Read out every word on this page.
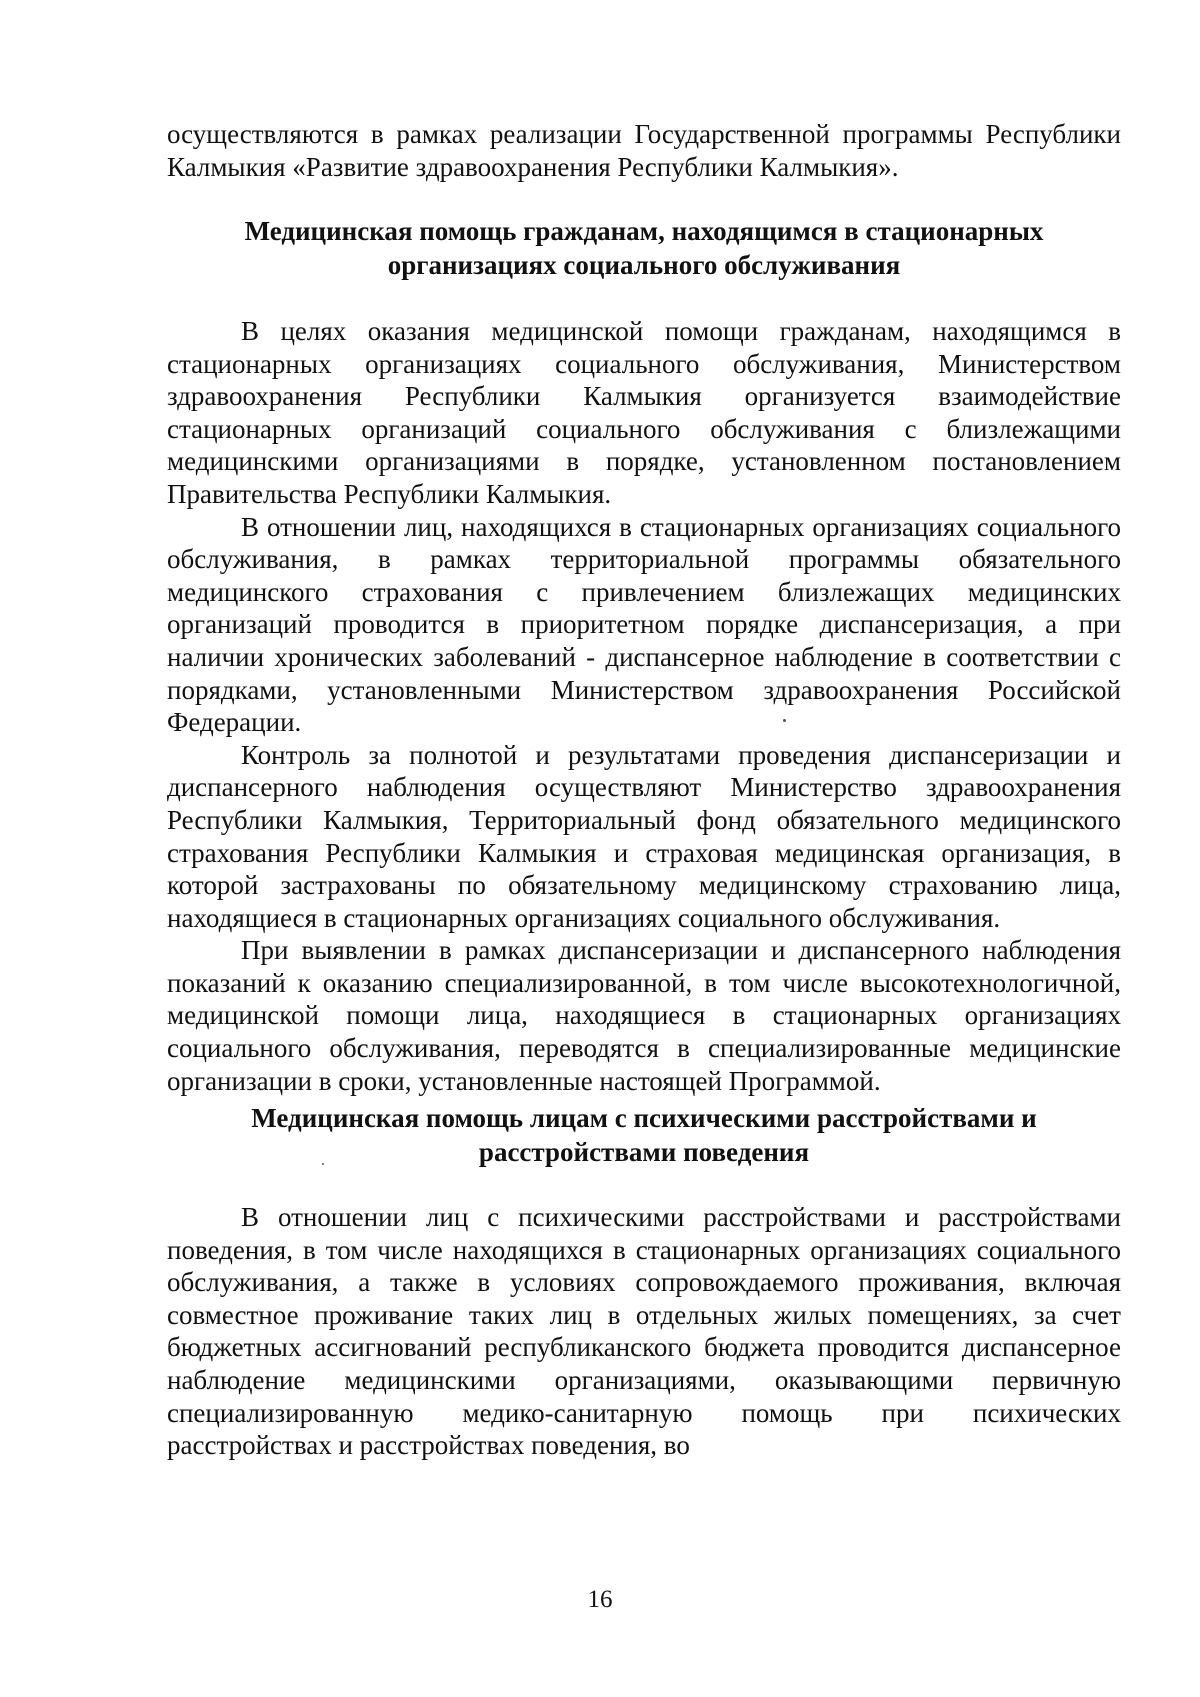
осуществляются в рамках реализации Государственной программы Республики Калмыкия «Развитие здравоохранения Республики Калмыкия».

Медицинская помощь гражданам, находящимся в стационарных организациях социального обслуживания

В целях оказания медицинской помощи гражданам, находящимся в стационарных организациях социального обслуживания, Министерством здравоохранения Республики Калмыкия организуется взаимодействие стационарных организаций социального обслуживания с близлежащими медицинскими организациями в порядке, установленном постановлением Правительства Республики Калмыкия.

В отношении лиц, находящихся в стационарных организациях социального обслуживания, в рамках территориальной программы обязательного медицинского страхования с привлечением близлежащих медицинских организаций проводится в приоритетном порядке диспансеризация, а при наличии хронических заболеваний - диспансерное наблюдение в соответствии с порядками, установленными Министерством здравоохранения Российской Федерации.

Контроль за полнотой и результатами проведения диспансеризации и диспансерного наблюдения осуществляют Министерство здравоохранения Республики Калмыкия, Территориальный фонд обязательного медицинского страхования Республики Калмыкия и страховая медицинская организация, в которой застрахованы по обязательному медицинскому страхованию лица, находящиеся в стационарных организациях социального обслуживания.

При выявлении в рамках диспансеризации и диспансерного наблюдения показаний к оказанию специализированной, в том числе высокотехнологичной, медицинской помощи лица, находящиеся в стационарных организациях социального обслуживания, переводятся в специализированные медицинские организации в сроки, установленные настоящей Программой.

Медицинская помощь лицам с психическими расстройствами и расстройствами поведения

В отношении лиц с психическими расстройствами и расстройствами поведения, в том числе находящихся в стационарных организациях социального обслуживания, а также в условиях сопровождаемого проживания, включая совместное проживание таких лиц в отдельных жилых помещениях, за счет бюджетных ассигнований республиканского бюджета проводится диспансерное наблюдение медицинскими организациями, оказывающими первичную специализированную медико-санитарную помощь при психических расстройствах и расстройствах поведения, во

16
